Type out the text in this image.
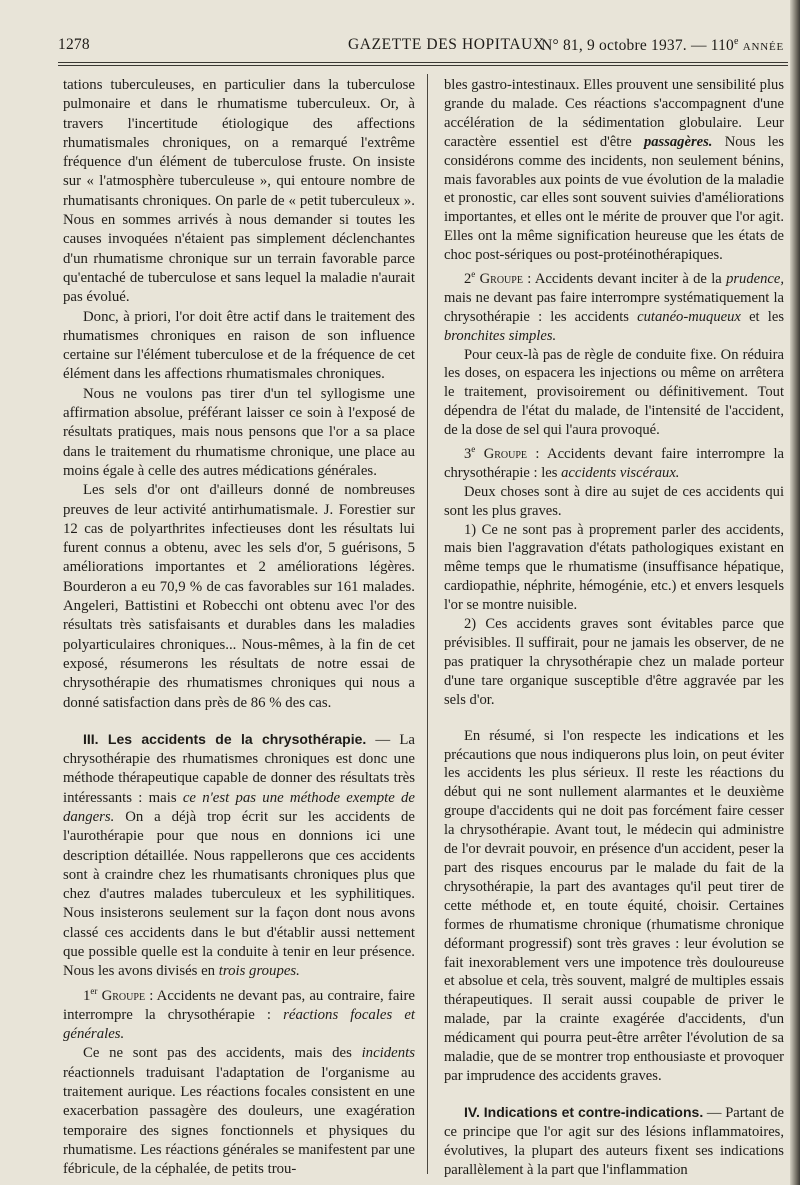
1278	GAZETTE DES HOPITAUX
N° 81, 9 octobre 1937. — 110e ANNÉE

tations tuberculeuses, en particulier dans la tuberculose pulmonaire et dans le rhumatisme tuberculeux. Or, à travers l'incertitude étiologique des affections rhumatismales chroniques, on a remarqué l'extrême fréquence d'un élément de tuberculose fruste. On insiste sur « l'atmosphère tuberculeuse », qui entoure nombre de rhumatisants chroniques. On parle de « petit tuberculeux ». Nous en sommes arrivés à nous demander si toutes les causes invoquées n'étaient pas simplement déclenchantes d'un rhumatisme chronique sur un terrain favorable parce qu'entaché de tuberculose et sans lequel la maladie n'aurait pas évolué.

Donc, à priori, l'or doit être actif dans le traitement des rhumatismes chroniques en raison de son influence certaine sur l'élément tuberculose et de la fréquence de cet élément dans les affections rhumatismales chroniques.

Nous ne voulons pas tirer d'un tel syllogisme une affirmation absolue, préférant laisser ce soin à l'exposé de résultats pratiques, mais nous pensons que l'or a sa place dans le traitement du rhumatisme chronique, une place au moins égale à celle des autres médications générales.

Les sels d'or ont d'ailleurs donné de nombreuses preuves de leur activité antirhumatismale. J. Forestier sur 12 cas de polyarthrites infectieuses dont les résultats lui furent connus a obtenu, avec les sels d'or, 5 guérisons, 5 améliorations importantes et 2 améliorations légères. Bourderon a eu 70,9 % de cas favorables sur 161 malades. Angeleri, Battistini et Robecchi ont obtenu avec l'or des résultats très satisfaisants et durables dans les maladies polyarticulaires chroniques... Nous-mêmes, à la fin de cet exposé, résumerons les résultats de notre essai de chrysothérapie des rhumatismes chroniques qui nous a donné satisfaction dans près de 86 % des cas.

III. Les accidents de la chrysothérapie. — La chrysothérapie des rhumatismes chroniques est donc une méthode thérapeutique capable de donner des résultats très intéressants : mais ce n'est pas une méthode exempte de dangers. On a déjà trop écrit sur les accidents de l'aurothérapie pour que nous en donnions ici une description détaillée. Nous rappellerons que ces accidents sont à craindre chez les rhumatisants chroniques plus que chez d'autres malades tuberculeux et les syphilitiques. Nous insisterons seulement sur la façon dont nous avons classé ces accidents dans le but d'établir aussi nettement que possible quelle est la conduite à tenir en leur présence. Nous les avons divisés en trois groupes.

1er Groupe : Accidents ne devant pas, au contraire, faire interrompre la chrysothérapie : réactions focales et générales.

Ce ne sont pas des accidents, mais des incidents réactionnels traduisant l'adaptation de l'organisme au traitement aurique. Les réactions focales consistent en une exacerbation passagère des douleurs, une exagération temporaire des signes fonctionnels et physiques du rhumatisme. Les réactions générales se manifestent par une fébricule, de la céphalée, de petits trou-

bles gastro-intestinaux. Elles prouvent une sensibilité plus grande du malade. Ces réactions s'accompagnent d'une accélération de la sédimentation globulaire. Leur caractère essentiel est d'être passagères. Nous les considérons comme des incidents, non seulement bénins, mais favorables aux points de vue évolution de la maladie et pronostic, car elles sont souvent suivies d'améliorations importantes, et elles ont le mérite de prouver que l'or agit. Elles ont la même signification heureuse que les états de choc post-sériques ou post-protéinothérapiques.

2e Groupe : Accidents devant inciter à de la prudence, mais ne devant pas faire interrompre systématiquement la chrysothérapie : les accidents cutanéo-muqueux et les bronchites simples.

Pour ceux-là pas de règle de conduite fixe. On réduira les doses, on espacera les injections ou même on arrêtera le traitement, provisoirement ou définitivement. Tout dépendra de l'état du malade, de l'intensité de l'accident, de la dose de sel qui l'aura provoqué.

3e Groupe : Accidents devant faire interrompre la chrysothérapie : les accidents viscéraux.

Deux choses sont à dire au sujet de ces accidents qui sont les plus graves.

1) Ce ne sont pas à proprement parler des accidents, mais bien l'aggravation d'états pathologiques existant en même temps que le rhumatisme (insuffisance hépatique, cardiopathie, néphrite, hémogénie, etc.) et envers lesquels l'or se montre nuisible.

2) Ces accidents graves sont évitables parce que prévisibles. Il suffirait, pour ne jamais les observer, de ne pas pratiquer la chrysothérapie chez un malade porteur d'une tare organique susceptible d'être aggravée par les sels d'or.

En résumé, si l'on respecte les indications et les précautions que nous indiquerons plus loin, on peut éviter les accidents les plus sérieux. Il reste les réactions du début qui ne sont nullement alarmantes et le deuxième groupe d'accidents qui ne doit pas forcément faire cesser la chrysothérapie. Avant tout, le médecin qui administre de l'or devrait pouvoir, en présence d'un accident, peser la part des risques encourus par le malade du fait de la chrysothérapie, la part des avantages qu'il peut tirer de cette méthode et, en toute équité, choisir. Certaines formes de rhumatisme chronique (rhumatisme chronique déformant progressif) sont très graves : leur évolution se fait inexorablement vers une impotence très douloureuse et absolue et cela, très souvent, malgré de multiples essais thérapeutiques. Il serait aussi coupable de priver le malade, par la crainte exagérée d'accidents, d'un médicament qui pourra peut-être arrêter l'évolution de sa maladie, que de se montrer trop enthousiaste et provoquer par imprudence des accidents graves.

IV. Indications et contre-indications. — Partant de ce principe que l'or agit sur des lésions inflammatoires, évolutives, la plupart des auteurs fixent ses indications parallèlement à la part que l'inflammation
